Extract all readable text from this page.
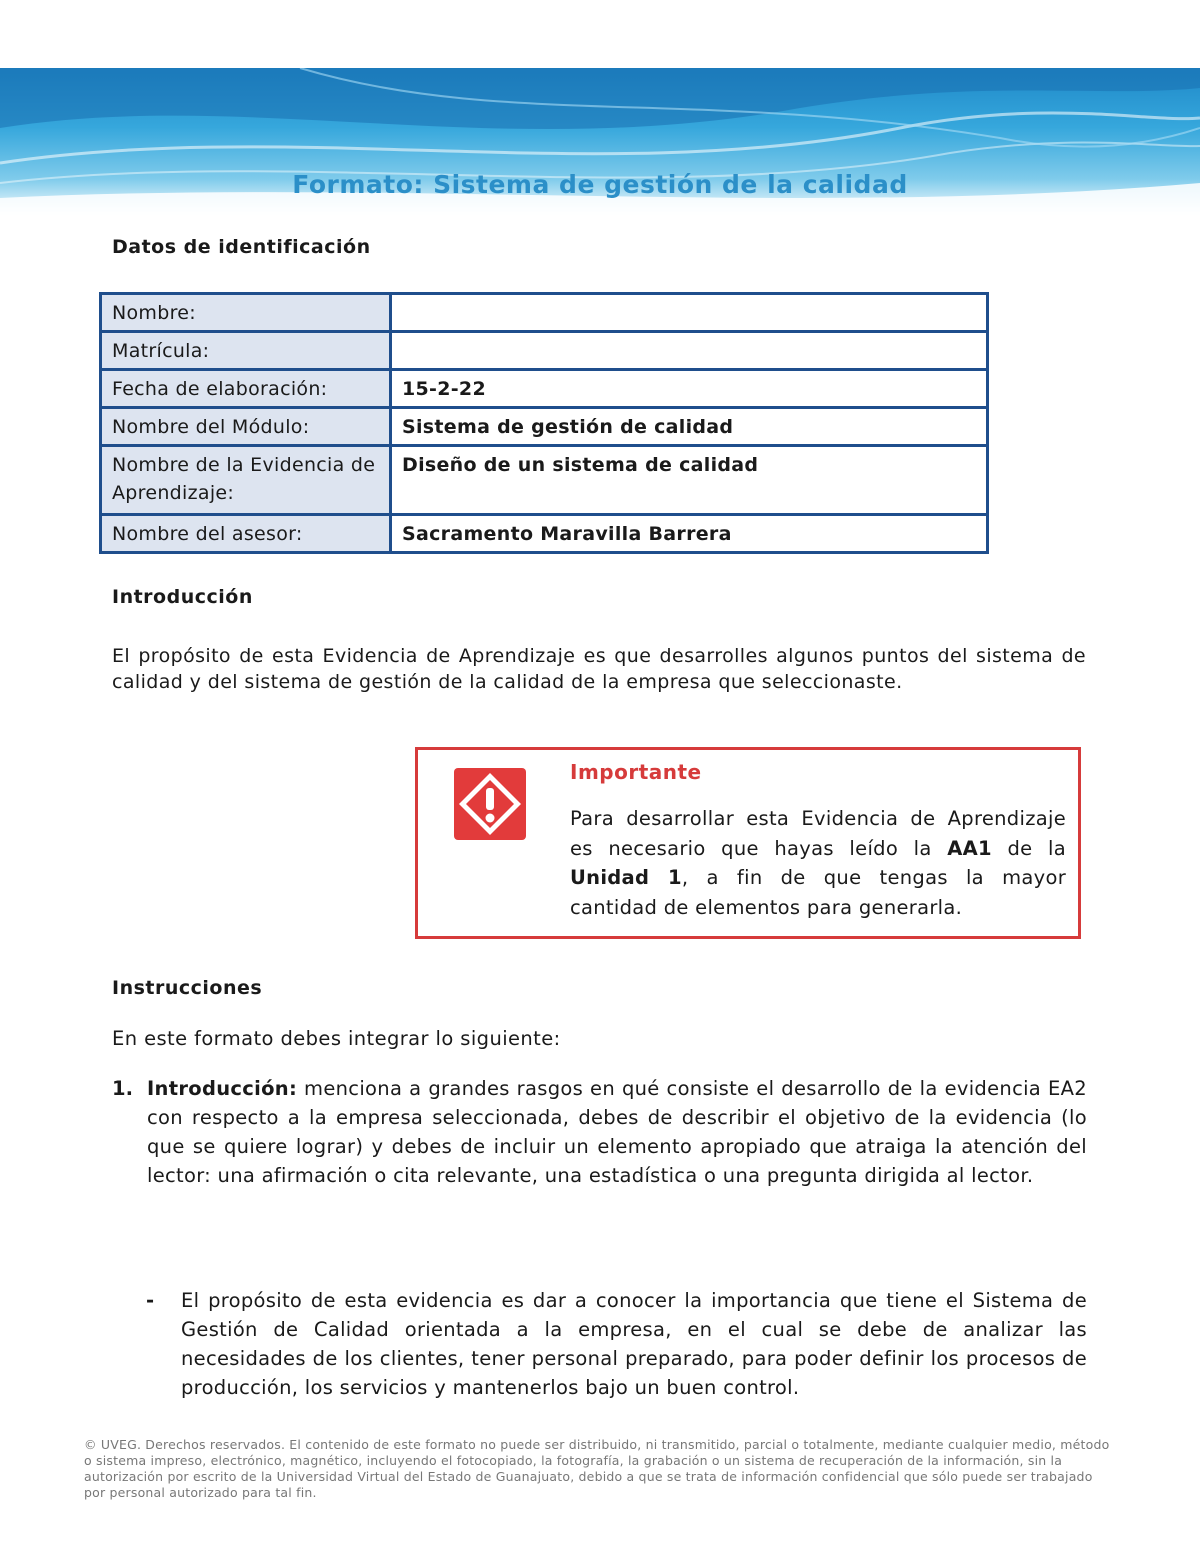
Formato: Sistema de gestión de la calidad
Datos de identificación
Nombre:	
Matrícula:	
Fecha de elaboración:	15-2-22
Nombre del Módulo:	Sistema de gestión de calidad
Nombre de la Evidencia de Aprendizaje:	Diseño de un sistema de calidad
Nombre del asesor:	Sacramento Maravilla Barrera
Introducción
El propósito de esta Evidencia de Aprendizaje es que desarrolles algunos puntos del sistema de calidad y del sistema de gestión de la calidad de la empresa que seleccionaste.
Importante
Para desarrollar esta Evidencia de Aprendizaje es necesario que hayas leído la AA1 de la Unidad 1, a fin de que tengas la mayor cantidad de elementos para generarla.
Instrucciones
En este formato debes integrar lo siguiente:
1. Introducción: menciona a grandes rasgos en qué consiste el desarrollo de la evidencia EA2 con respecto a la empresa seleccionada, debes de describir el objetivo de la evidencia (lo que se quiere lograr) y debes de incluir un elemento apropiado que atraiga la atención del lector: una afirmación o cita relevante, una estadística o una pregunta dirigida al lector.
- El propósito de esta evidencia es dar a conocer la importancia que tiene el Sistema de Gestión de Calidad orientada a la empresa, en el cual se debe de analizar las necesidades de los clientes, tener personal preparado, para poder definir los procesos de producción, los servicios y mantenerlos bajo un buen control.
© UVEG. Derechos reservados. El contenido de este formato no puede ser distribuido, ni transmitido, parcial o totalmente, mediante cualquier medio, método o sistema impreso, electrónico, magnético, incluyendo el fotocopiado, la fotografía, la grabación o un sistema de recuperación de la información, sin la autorización por escrito de la Universidad Virtual del Estado de Guanajuato, debido a que se trata de información confidencial que sólo puede ser trabajado por personal autorizado para tal fin.
